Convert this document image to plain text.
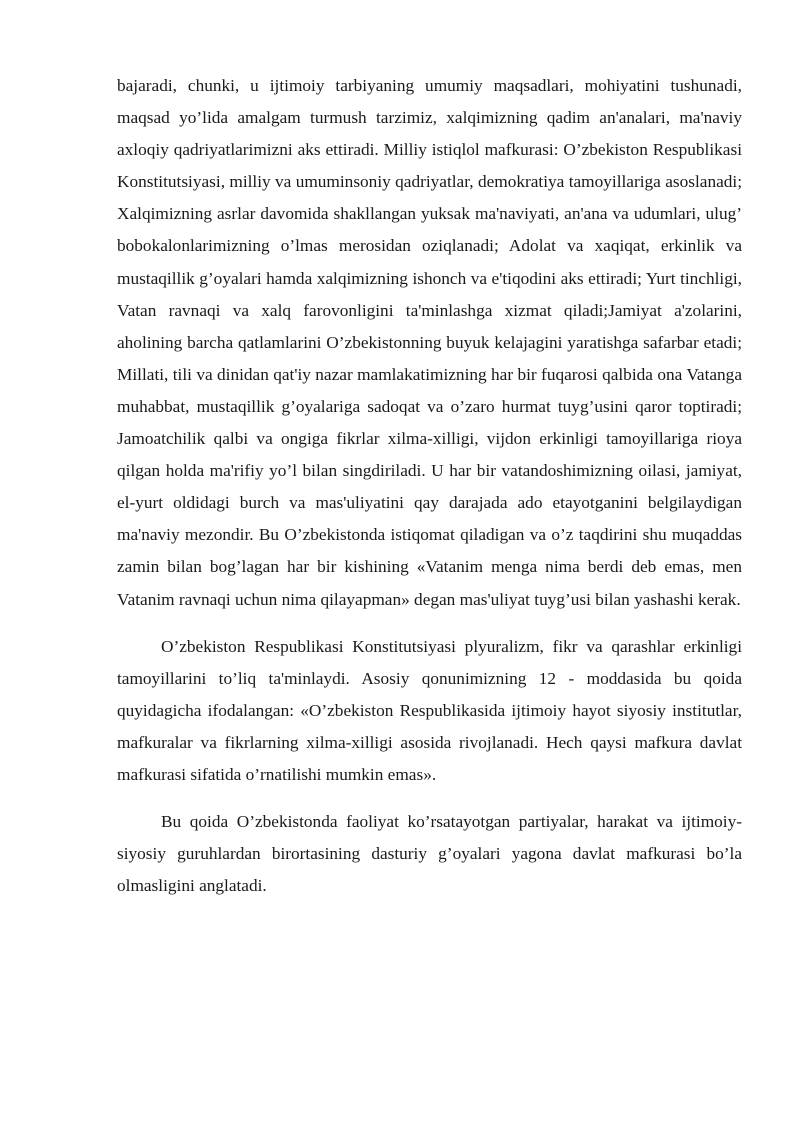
bajaradi, chunki, u ijtimoiy tarbiyaning umumiy maqsadlari, mohiyatini tushunadi, maqsad yo’lida amalgam turmush tarzimiz, xalqimizning qadim an'analari, ma'naviy axloqiy qadriyatlarimizni aks ettiradi. Milliy istiqlol mafkurasi: O’zbekiston Respublikasi Konstitutsiyasi, milliy va umuminsoniy qadriyatlar, demokratiya tamoyillariga asoslanadi; Xalqimizning asrlar davomida shakllangan yuksak ma'naviyati, an'ana va udumlari, ulug’ bobokalonlarimizning o’lmas merosidan oziqlanadi; Adolat va xaqiqat, erkinlik va mustaqillik g’oyalari hamda xalqimizning ishonch va e'tiqodini aks ettiradi; Yurt tinchligi, Vatan ravnaqi va xalq farovonligini ta'minlashga xizmat qiladi;Jamiyat a'zolarini, aholining barcha qatlamlarini O’zbekistonning buyuk kelajagini yaratishga safarbar etadi; Millati, tili va dinidan qat'iy nazar mamlakatimizning har bir fuqarosi qalbida ona Vatanga muhabbat, mustaqillik g’oyalariga sadoqat va o’zaro hurmat tuyg’usini qaror toptiradi; Jamoatchilik qalbi va ongiga fikrlar xilma-xilligi, vijdon erkinligi tamoyillariga rioya qilgan holda ma'rifiy yo’l bilan singdiriladi. U har bir vatandoshimizning oilasi, jamiyat, el-yurt oldidagi burch va mas'uliyatini qay darajada ado etayotganini belgilaydigan ma'naviy mezondir. Bu O’zbekistonda istiqomat qiladigan va o’z taqdirini shu muqaddas zamin bilan bog’lagan har bir kishining «Vatanim menga nima berdi deb emas, men Vatanim ravnaqi uchun nima qilayapman» degan mas'uliyat tuyg’usi bilan yashashi kerak.

O’zbekiston Respublikasi Konstitutsiyasi plyuralizm, fikr va qarashlar erkinligi tamoyillarini to’liq ta'minlaydi. Asosiy qonunimizning 12 - moddasida bu qoida quyidagicha ifodalangan: «O’zbekiston Respublikasida ijtimoiy hayot siyosiy institutlar, mafkuralar va fikrlarning xilma-xilligi asosida rivojlanadi. Hech qaysi mafkura davlat mafkurasi sifatida o’rnatilishi mumkin emas».

Bu qoida O’zbekistonda faoliyat ko’rsatayotgan partiyalar, harakat va ijtimoiy-siyosiy guruhlardan birortasining dasturiy g’oyalari yagona davlat mafkurasi bo’la olmasligini anglatadi.
